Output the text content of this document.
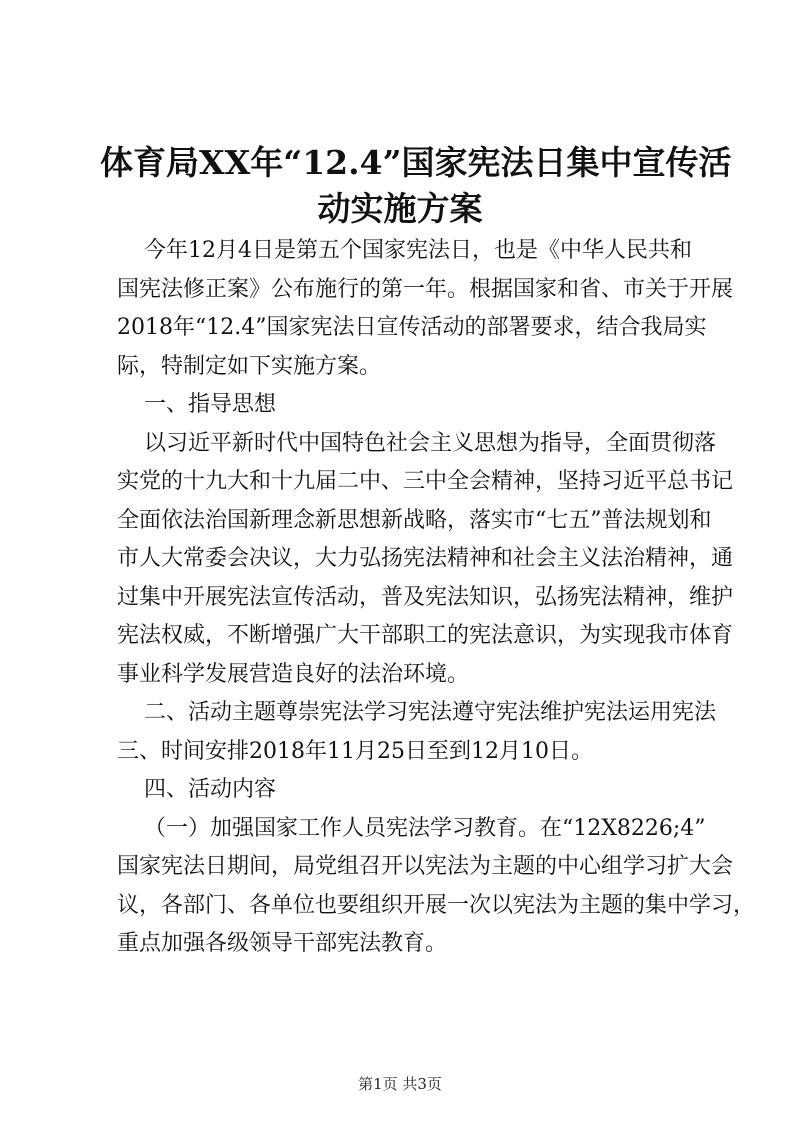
体育局XX年“12.4”国家宪法日集中宣传活
动实施方案
今年12月4日是第五个国家宪法日，也是《中华人民共和
国宪法修正案》公布施行的第一年。根据国家和省、市关于开展
2018年“12.4”国家宪法日宣传活动的部署要求，结合我局实
际，特制定如下实施方案。
一、指导思想
以习近平新时代中国特色社会主义思想为指导，全面贯彻落
实党的十九大和十九届二中、三中全会精神，坚持习近平总书记
全面依法治国新理念新思想新战略，落实市“七五”普法规划和
市人大常委会决议，大力弘扬宪法精神和社会主义法治精神，通
过集中开展宪法宣传活动，普及宪法知识，弘扬宪法精神，维护
宪法权威，不断增强广大干部职工的宪法意识，为实现我市体育
事业科学发展营造良好的法治环境。
二、活动主题尊崇宪法学习宪法遵守宪法维护宪法运用宪法
三、时间安排2018年11月25日至到12月10日。
四、活动内容
（一）加强国家工作人员宪法学习教育。在“12X8226;4”
国家宪法日期间，局党组召开以宪法为主题的中心组学习扩大会
议，各部门、各单位也要组织开展一次以宪法为主题的集中学习，
重点加强各级领导干部宪法教育。
第1页 共3页
